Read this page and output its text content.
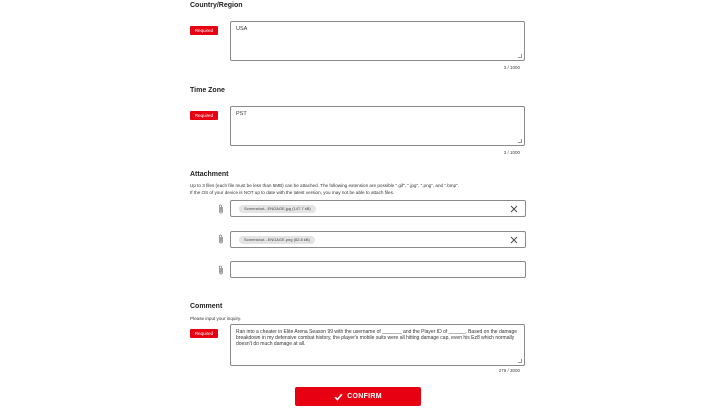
Country/Region
Required	USA
3 / 1000
Time Zone
Required	PST
3 / 1000
Attachment
Up to 3 files (each file must be less than 5MB) can be attached. The following extension are possible ".gif", ".jpg", ".png", and ".bmp".
If the OS of your device is NOT up to date with the latest version, you may not be able to attach files.
Screenshot...ENGAGE.jpg (147.7 kB)
Screenshot...ENGAGE.png (82.8 kB)
Comment
Please input your inquiry.
Required	Ran into a cheater in Elite Arena Season 99 with the username of _______ and the Player ID of ______. Based on the damage breakdown in my defensive combat history, the player's mobile suits were all hitting damage cap, even his Ez8 which normally doesn't do much damage at all.
279 / 3000
CONFIRM
